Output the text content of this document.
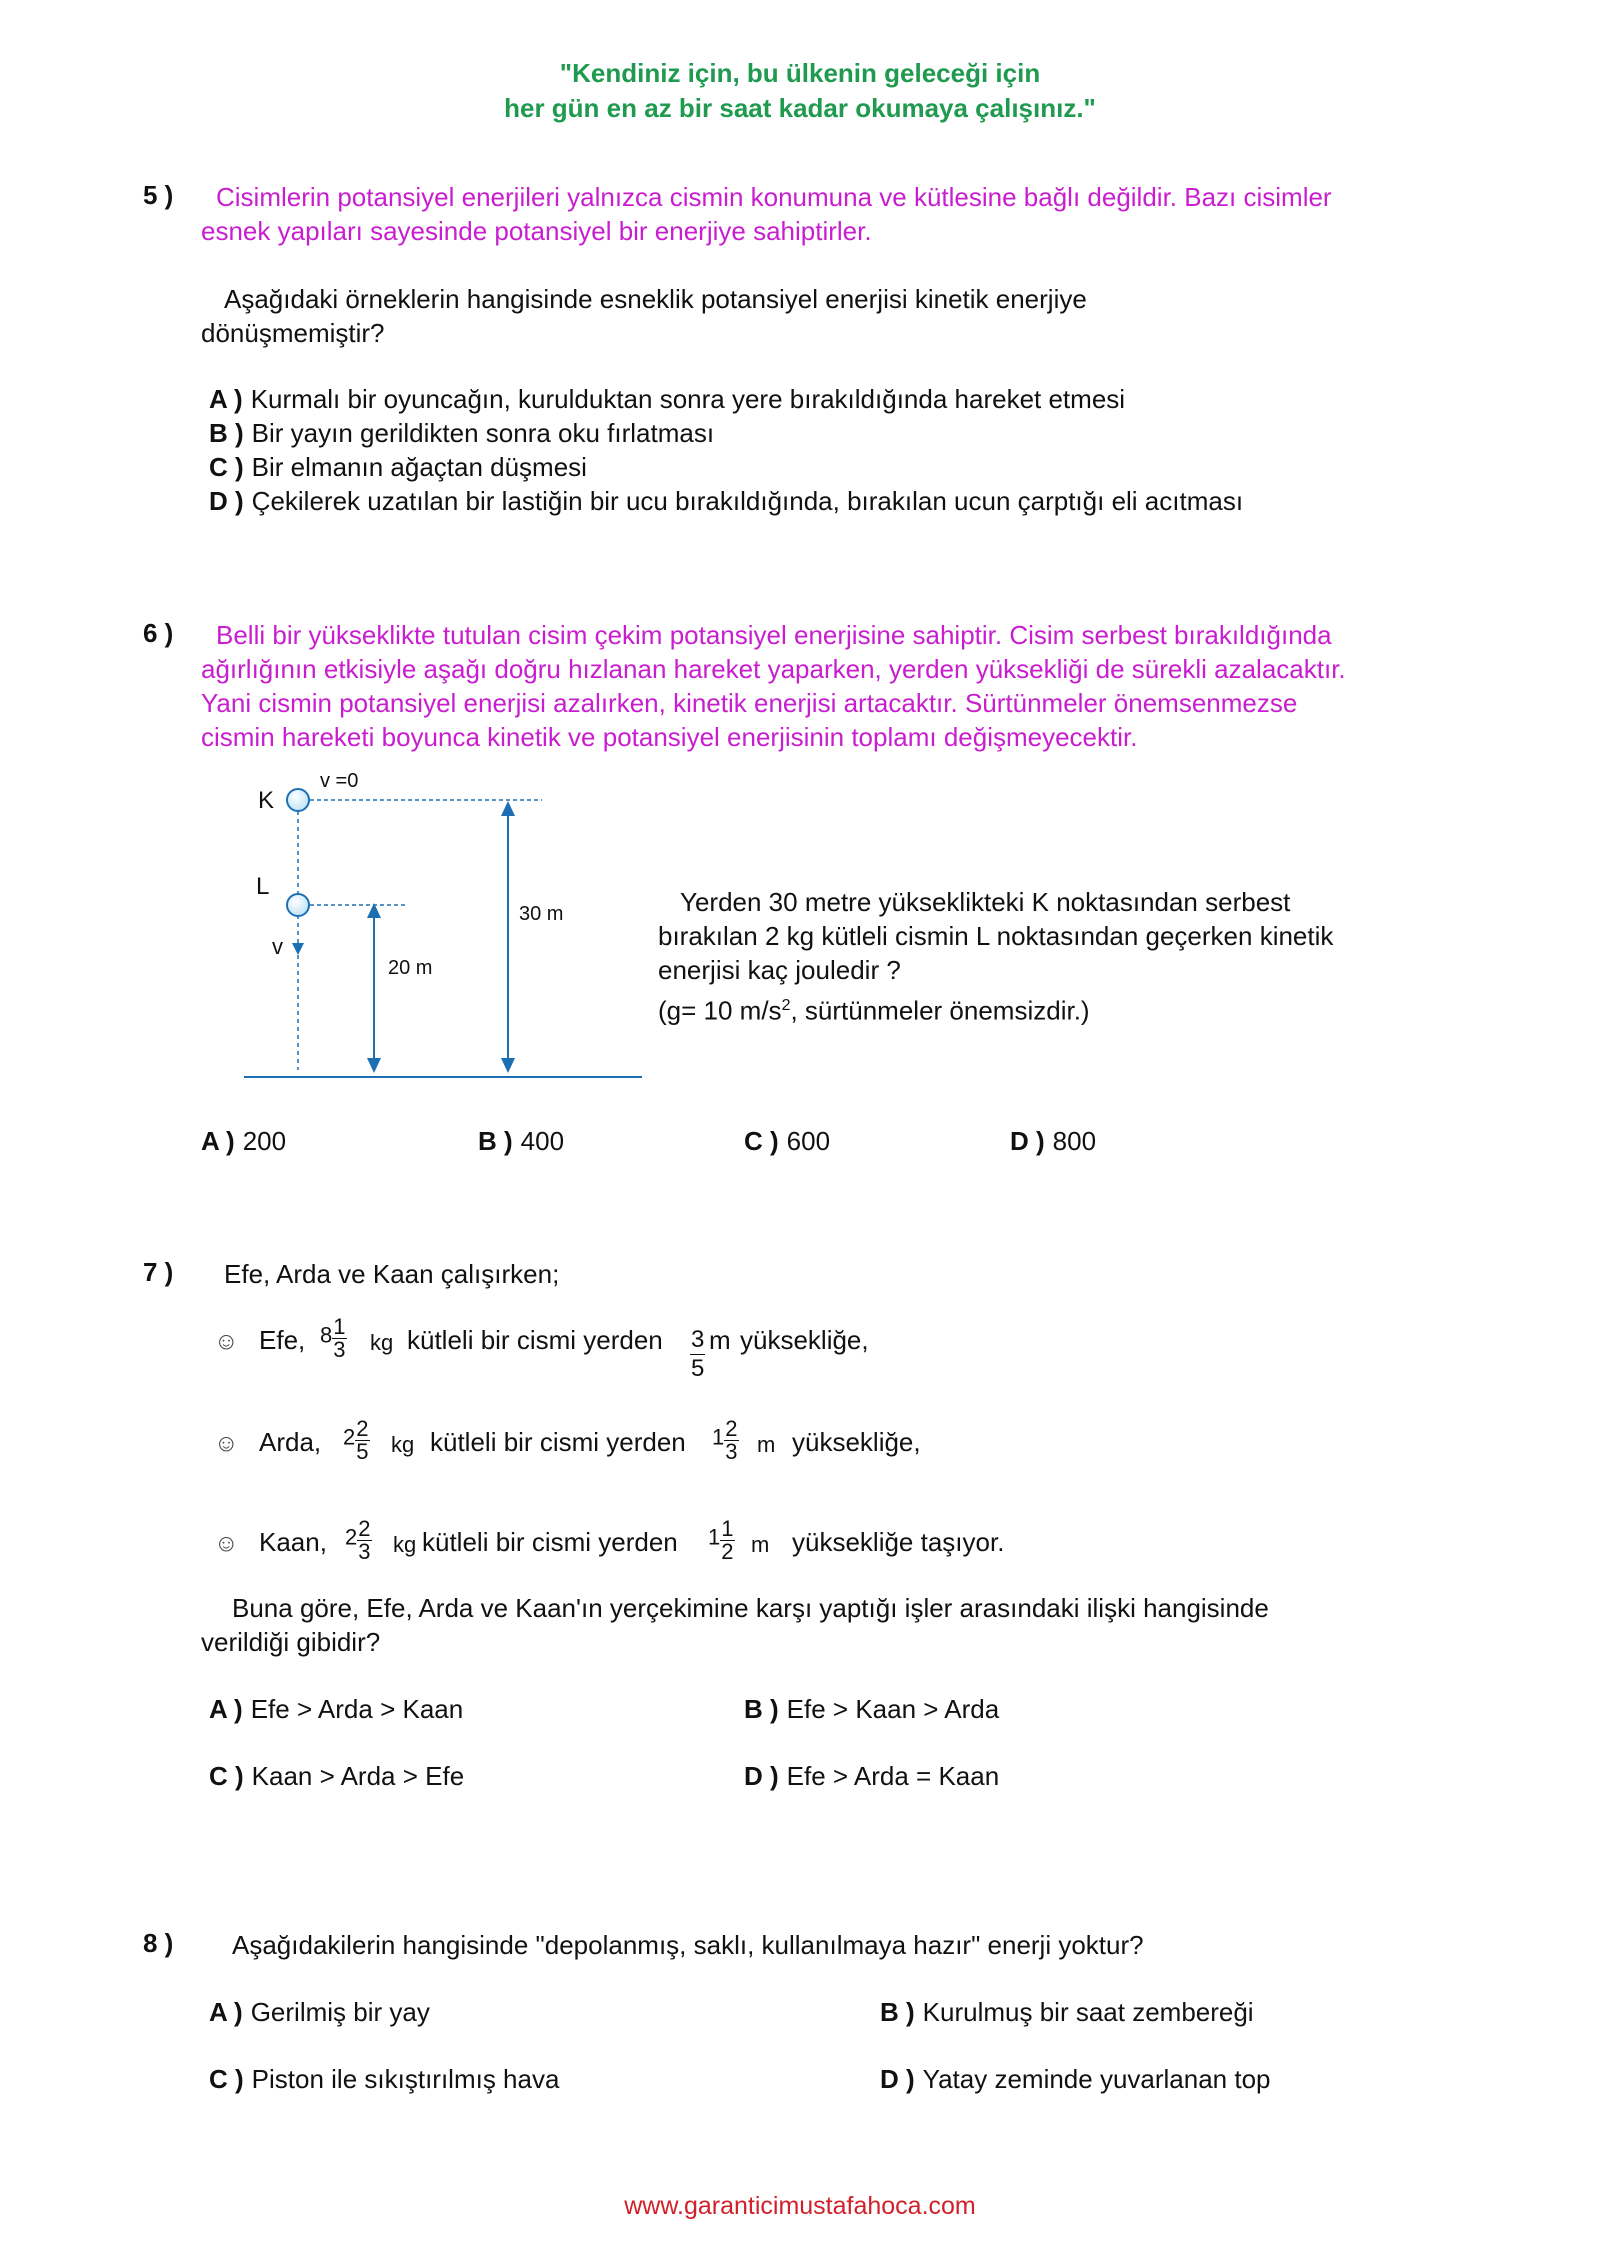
"Kendiniz için, bu ülkenin geleceği için
her gün en az bir saat kadar okumaya çalışınız."
5 ) Cisimlerin potansiyel enerjileri yalnızca cismin konumuna ve kütlesine bağlı değildir. Bazı cisimler
esnek yapıları sayesinde potansiyel bir enerjiye sahiptirler.
Aşağıdaki örneklerin hangisinde esneklik potansiyel enerjisi kinetik enerjiye
dönüşmemiştir?
A ) Kurmalı bir oyuncağın, kurulduktan sonra yere bırakıldığında hareket etmesi
B ) Bir yayın gerildikten sonra oku fırlatması
C ) Bir elmanın ağaçtan düşmesi
D ) Çekilerek uzatılan bir lastiğin bir ucu bırakıldığında, bırakılan ucun çarptığı eli acıtması
6 ) Belli bir yükseklikte tutulan cisim çekim potansiyel enerjisine sahiptir. Cisim serbest bırakıldığında
ağırlığının etkisiyle aşağı doğru hızlanan hareket yaparken, yerden yüksekliği de sürekli azalacaktır.
Yani cismin potansiyel enerjisi azalırken, kinetik enerjisi artacaktır. Sürtünmeler önemsenmezse
cismin hareketi boyunca kinetik ve potansiyel enerjisinin toplamı değişmeyecektir.
K
L
v =0
v
30 m
20 m
Yerden 30 metre yükseklikteki K noktasından serbest
bırakılan 2 kg kütleli cismin L noktasından geçerken kinetik
enerjisi kaç jouledir ?
(g= 10 $m/s^2$, sürtünmeler önemsizdir.)
A ) 200	B ) 400	C ) 600	D ) 800
7 ) Efe, Arda ve Kaan çalışırken;
☺ Efe, $8 \frac{1}{3}$ kg kütleli bir cismi yerden $\frac{3}{5}$ m yüksekliğe,
☺ Arda, $2 \frac{2}{5}$ kg kütleli bir cismi yerden $1 \frac{2}{3}$ m yüksekliğe,
☺ Kaan, $2 \frac{2}{3}$ kg kütleli bir cismi yerden $1 \frac{1}{2}$ m yüksekliğe taşıyor.
Buna göre, Efe, Arda ve Kaan'ın yerçekimine karşı yaptığı işler arasındaki ilişki hangisinde
verildiği gibidir?
A ) Efe > Arda > Kaan	B ) Efe > Kaan > Arda
C ) Kaan > Arda > Efe	D ) Efe > Arda = Kaan
8 ) Aşağıdakilerin hangisinde "depolanmış, saklı, kullanılmaya hazır" enerji yoktur?
A ) Gerilmiş bir yay	B ) Kurulmuş bir saat zembereği
C ) Piston ile sıkıştırılmış hava	D ) Yatay zeminde yuvarlanan top
www.garanticimustafahoca.com
